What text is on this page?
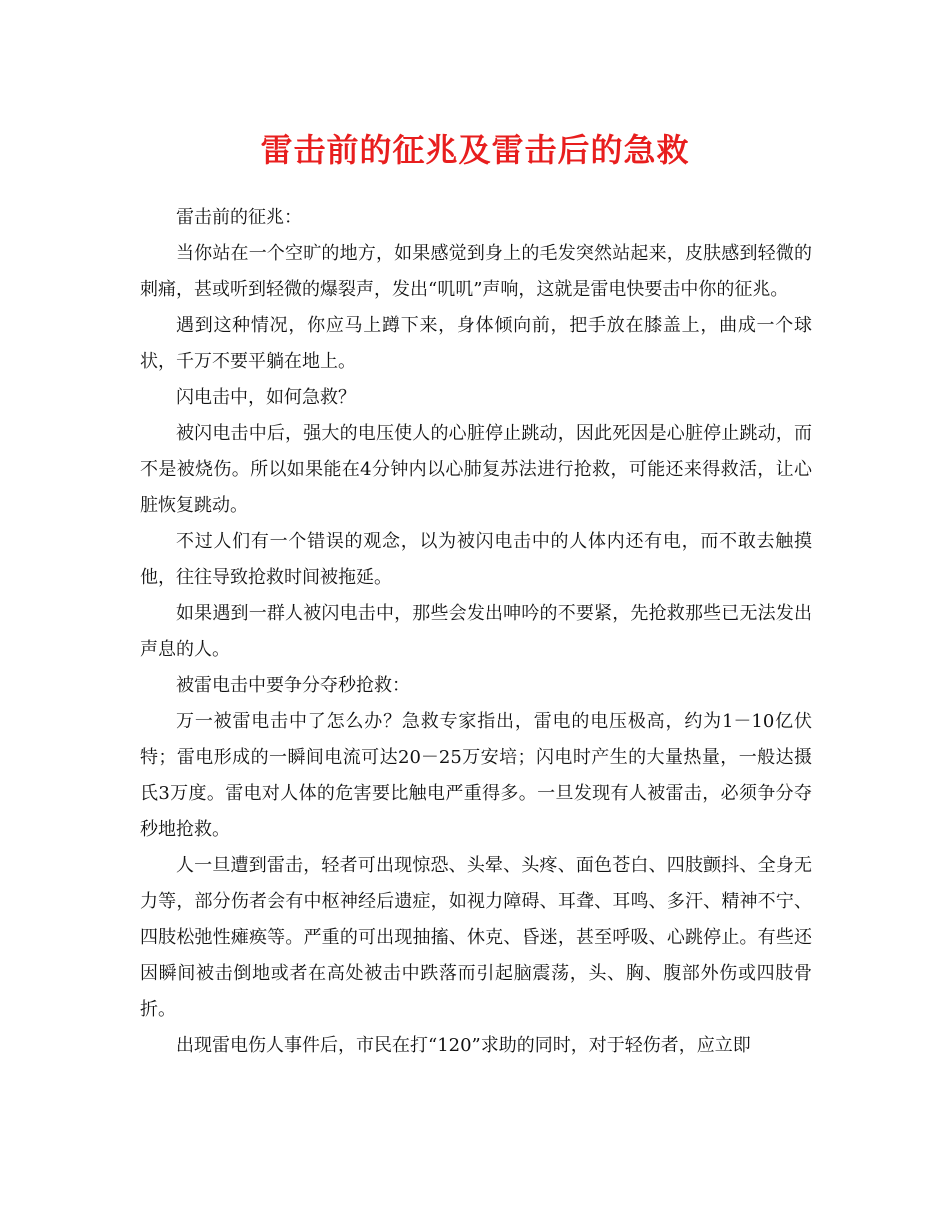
雷击前的征兆及雷击后的急救

雷击前的征兆：

当你站在一个空旷的地方，如果感觉到身上的毛发突然站起来，皮肤感到轻微的刺痛，甚或听到轻微的爆裂声，发出“叽叽”声响，这就是雷电快要击中你的征兆。

遇到这种情况，你应马上蹲下来，身体倾向前，把手放在膝盖上，曲成一个球状，千万不要平躺在地上。

闪电击中，如何急救？

被闪电击中后，强大的电压使人的心脏停止跳动，因此死因是心脏停止跳动，而不是被烧伤。所以如果能在4分钟内以心肺复苏法进行抢救，可能还来得救活，让心脏恢复跳动。

不过人们有一个错误的观念，以为被闪电击中的人体内还有电，而不敢去触摸他，往往导致抢救时间被拖延。

如果遇到一群人被闪电击中，那些会发出呻吟的不要紧，先抢救那些已无法发出声息的人。

被雷电击中要争分夺秒抢救：

万一被雷电击中了怎么办？急救专家指出，雷电的电压极高，约为1－10亿伏特；雷电形成的一瞬间电流可达20－25万安培；闪电时产生的大量热量，一般达摄氏3万度。雷电对人体的危害要比触电严重得多。一旦发现有人被雷击，必须争分夺秒地抢救。

人一旦遭到雷击，轻者可出现惊恐、头晕、头疼、面色苍白、四肢颤抖、全身无力等，部分伤者会有中枢神经后遗症，如视力障碍、耳聋、耳鸣、多汗、精神不宁、四肢松弛性瘫痪等。严重的可出现抽搐、休克、昏迷，甚至呼吸、心跳停止。有些还因瞬间被击倒地或者在高处被击中跌落而引起脑震荡，头、胸、腹部外伤或四肢骨折。

出现雷电伤人事件后，市民在打“120”求助的同时，对于轻伤者，应立即
